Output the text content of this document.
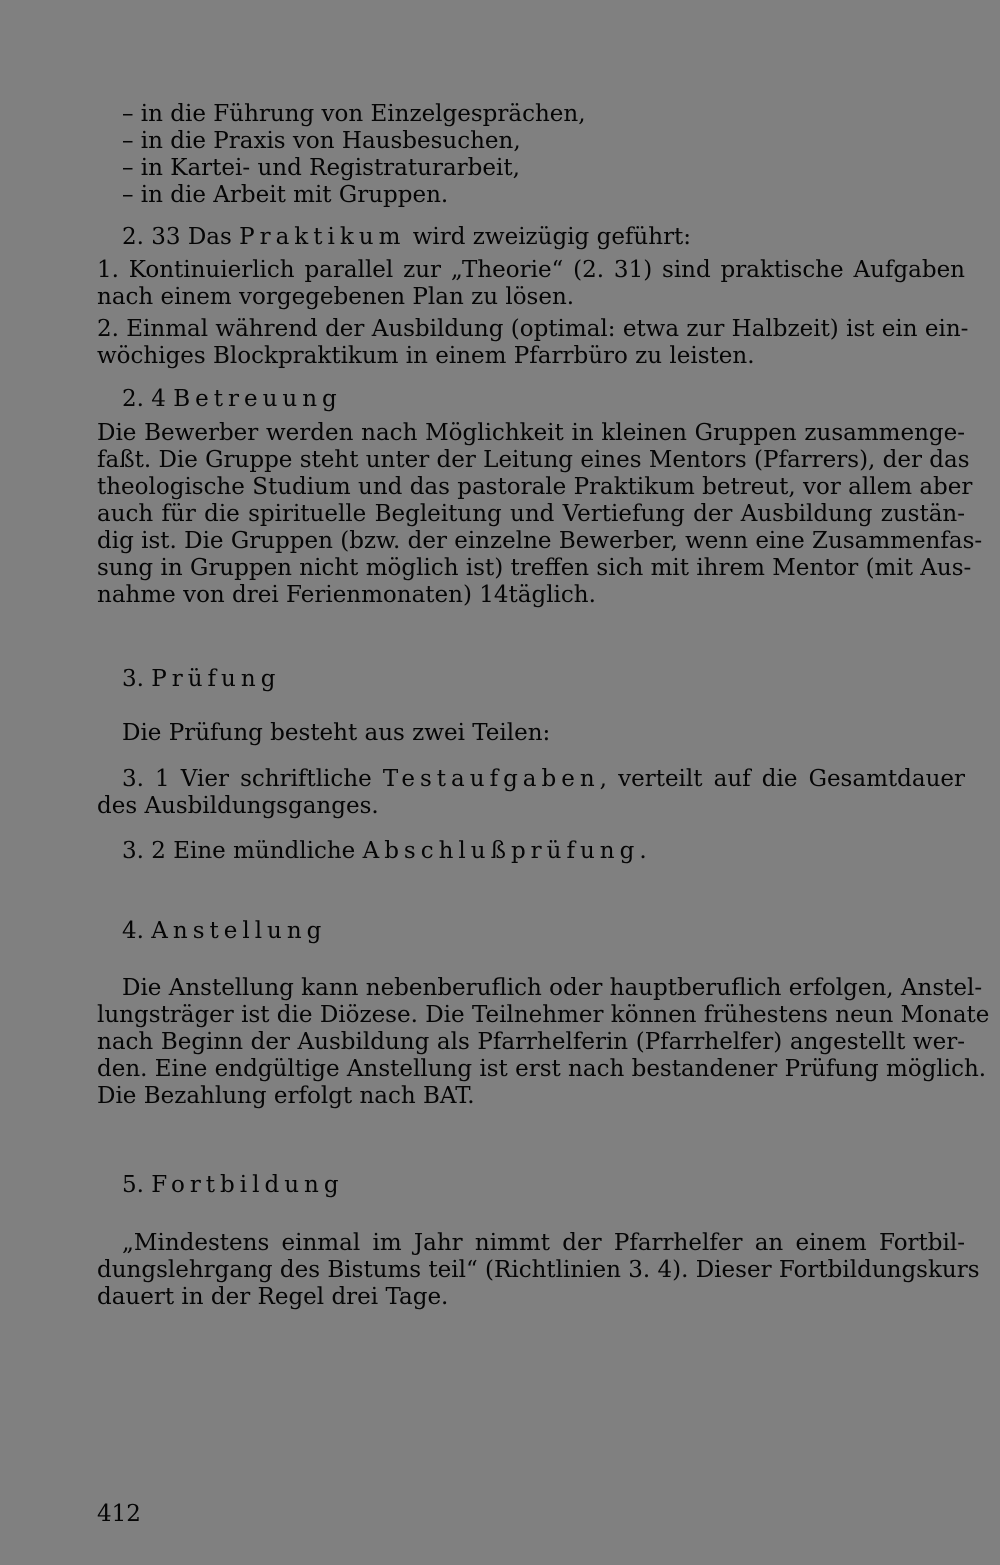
– in die Führung von Einzelgesprächen,
– in die Praxis von Hausbesuchen,
– in Kartei- und Registraturarbeit,
– in die Arbeit mit Gruppen.
2. 33 Das Praktikum wird zweizügig geführt:
1. Kontinuierlich parallel zur „Theorie“ (2. 31) sind praktische Aufgaben
nach einem vorgegebenen Plan zu lösen.
2. Einmal während der Ausbildung (optimal: etwa zur Halbzeit) ist ein ein-
wöchiges Blockpraktikum in einem Pfarrbüro zu leisten.
2. 4 Betreuung
Die Bewerber werden nach Möglichkeit in kleinen Gruppen zusammenge-
faßt. Die Gruppe steht unter der Leitung eines Mentors (Pfarrers), der das
theologische Studium und das pastorale Praktikum betreut, vor allem aber
auch für die spirituelle Begleitung und Vertiefung der Ausbildung zustän-
dig ist. Die Gruppen (bzw. der einzelne Bewerber, wenn eine Zusammenfas-
sung in Gruppen nicht möglich ist) treffen sich mit ihrem Mentor (mit Aus-
nahme von drei Ferienmonaten) 14täglich.
3. Prüfung
Die Prüfung besteht aus zwei Teilen:
3. 1 Vier schriftliche Testaufgaben, verteilt auf die Gesamtdauer
des Ausbildungsganges.
3. 2 Eine mündliche Abschlußprüfung.
4. Anstellung
Die Anstellung kann nebenberuflich oder hauptberuflich erfolgen, Anstel-
lungsträger ist die Diözese. Die Teilnehmer können frühestens neun Monate
nach Beginn der Ausbildung als Pfarrhelferin (Pfarrhelfer) angestellt wer-
den. Eine endgültige Anstellung ist erst nach bestandener Prüfung möglich.
Die Bezahlung erfolgt nach BAT.
5. Fortbildung
„Mindestens einmal im Jahr nimmt der Pfarrhelfer an einem Fortbil-
dungslehrgang des Bistums teil“ (Richtlinien 3. 4). Dieser Fortbildungskurs
dauert in der Regel drei Tage.
412
